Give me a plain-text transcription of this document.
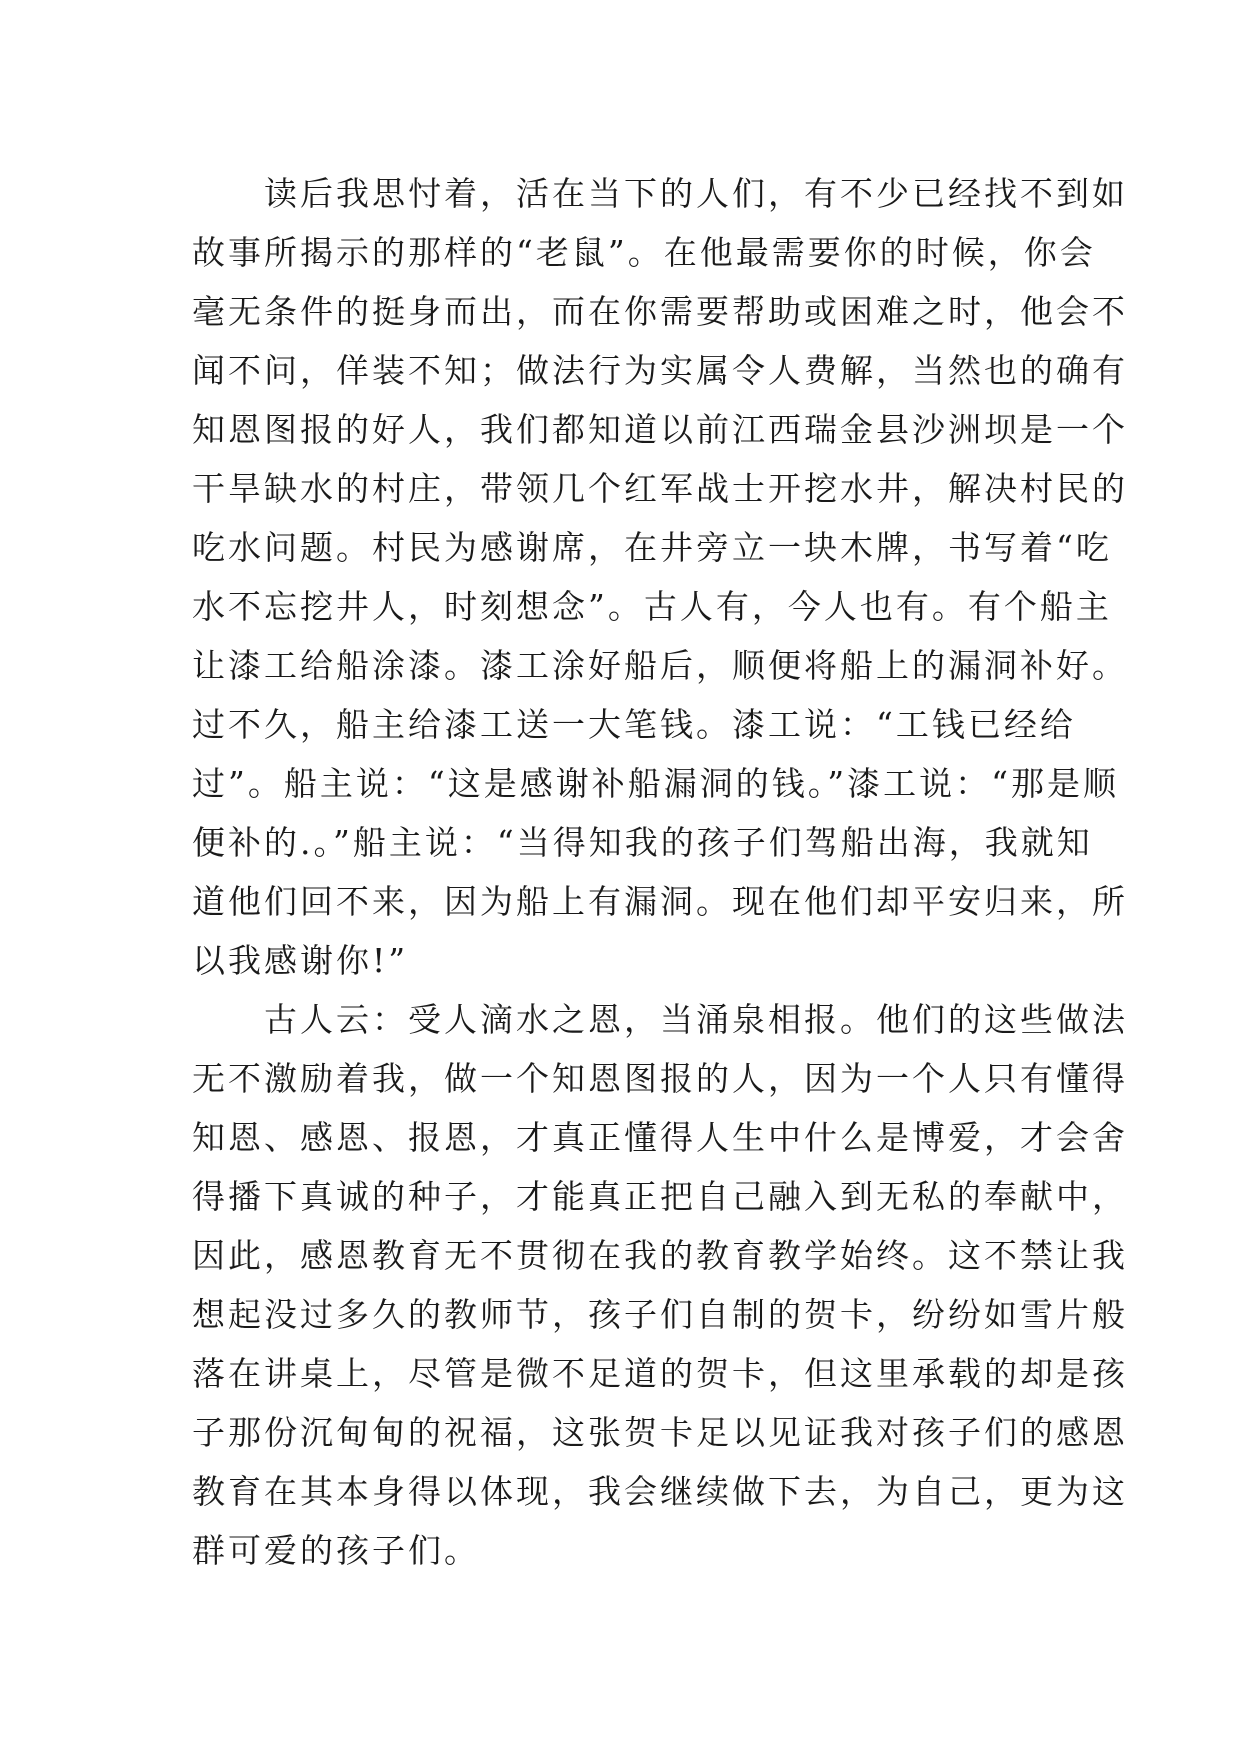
　　读后我思忖着，活在当下的人们，有不少已经找不到如
故事所揭示的那样的“老鼠”。在他最需要你的时候，你会
毫无条件的挺身而出，而在你需要帮助或困难之时，他会不
闻不问，佯装不知；做法行为实属令人费解，当然也的确有
知恩图报的好人，我们都知道以前江西瑞金县沙洲坝是一个
干旱缺水的村庄，带领几个红军战士开挖水井，解决村民的
吃水问题。村民为感谢席，在井旁立一块木牌，书写着“吃
水不忘挖井人，时刻想念”。古人有，今人也有。有个船主
让漆工给船涂漆。漆工涂好船后，顺便将船上的漏洞补好。
过不久，船主给漆工送一大笔钱。漆工说：“工钱已经给
过”。船主说：“这是感谢补船漏洞的钱。”漆工说：“那是顺
便补的.。”船主说：“当得知我的孩子们驾船出海，我就知
道他们回不来，因为船上有漏洞。现在他们却平安归来，所
以我感谢你!”
　　古人云：受人滴水之恩，当涌泉相报。他们的这些做法
无不激励着我，做一个知恩图报的人，因为一个人只有懂得
知恩、感恩、报恩，才真正懂得人生中什么是博爱，才会舍
得播下真诚的种子，才能真正把自己融入到无私的奉献中，
因此，感恩教育无不贯彻在我的教育教学始终。这不禁让我
想起没过多久的教师节，孩子们自制的贺卡，纷纷如雪片般
落在讲桌上，尽管是微不足道的贺卡，但这里承载的却是孩
子那份沉甸甸的祝福，这张贺卡足以见证我对孩子们的感恩
教育在其本身得以体现，我会继续做下去，为自己，更为这
群可爱的孩子们。
